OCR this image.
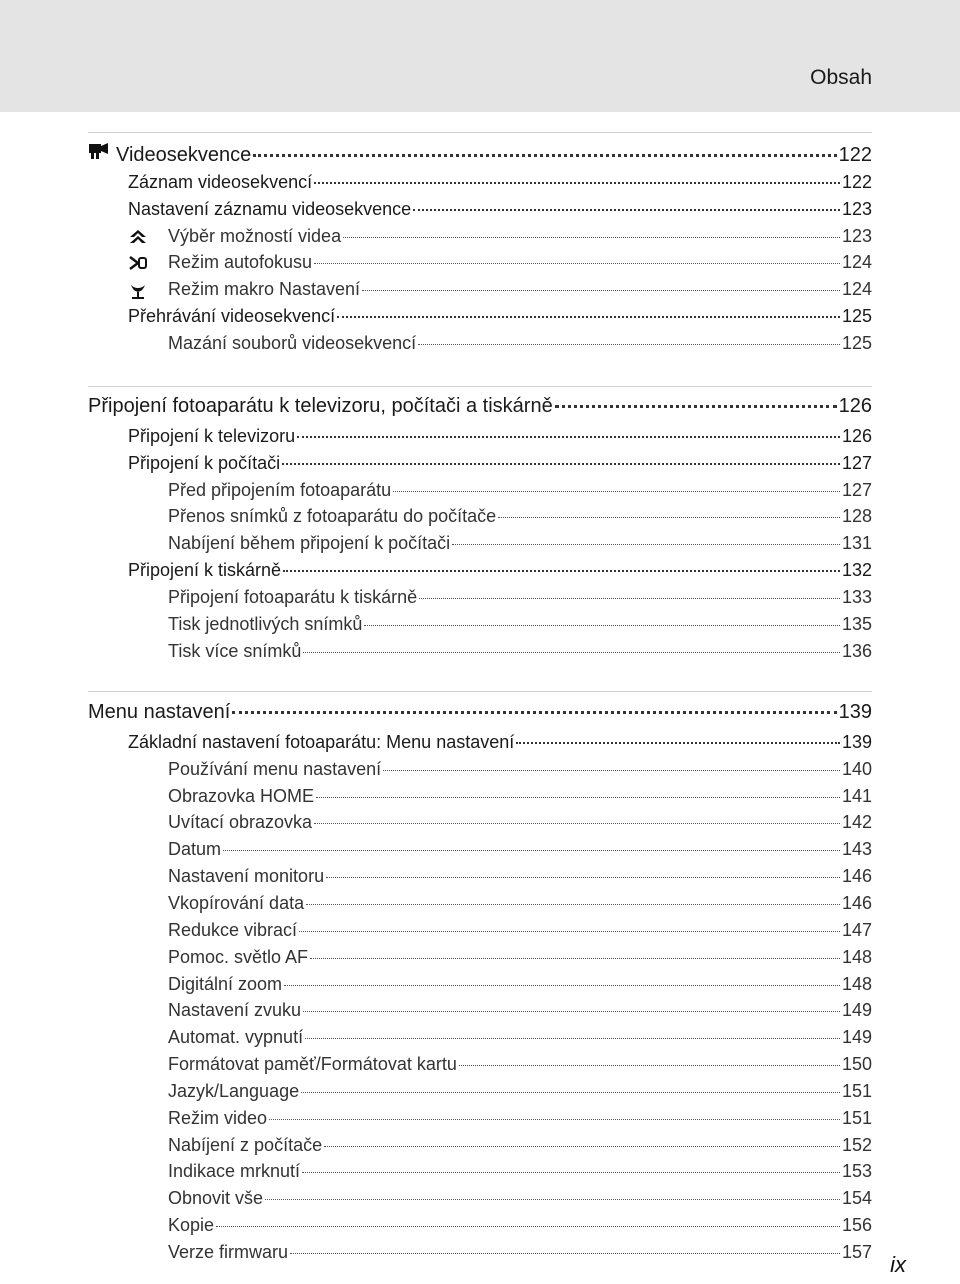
Obsah
Videosekvence	122
Záznam videosekvencí	122
Nastavení záznamu videosekvence	123
Výběr možností videa	123
Režim autofokusu	124
Režim makro Nastavení	124
Přehrávání videosekvencí	125
Mazání souborů videosekvencí	125
Připojení fotoaparátu k televizoru, počítači a tiskárně	126
Připojení k televizoru	126
Připojení k počítači	127
Před připojením fotoaparátu	127
Přenos snímků z fotoaparátu do počítače	128
Nabíjení během připojení k počítači	131
Připojení k tiskárně	132
Připojení fotoaparátu k tiskárně	133
Tisk jednotlivých snímků	135
Tisk více snímků	136
Menu nastavení	139
Základní nastavení fotoaparátu: Menu nastavení	139
Používání menu nastavení	140
Obrazovka HOME	141
Uvítací obrazovka	142
Datum	143
Nastavení monitoru	146
Vkopírování data	146
Redukce vibrací	147
Pomoc. světlo AF	148
Digitální zoom	148
Nastavení zvuku	149
Automat. vypnutí	149
Formátovat paměť/Formátovat kartu	150
Jazyk/Language	151
Režim video	151
Nabíjení z počítače	152
Indikace mrknutí	153
Obnovit vše	154
Kopie	156
Verze firmwaru	157 ix
